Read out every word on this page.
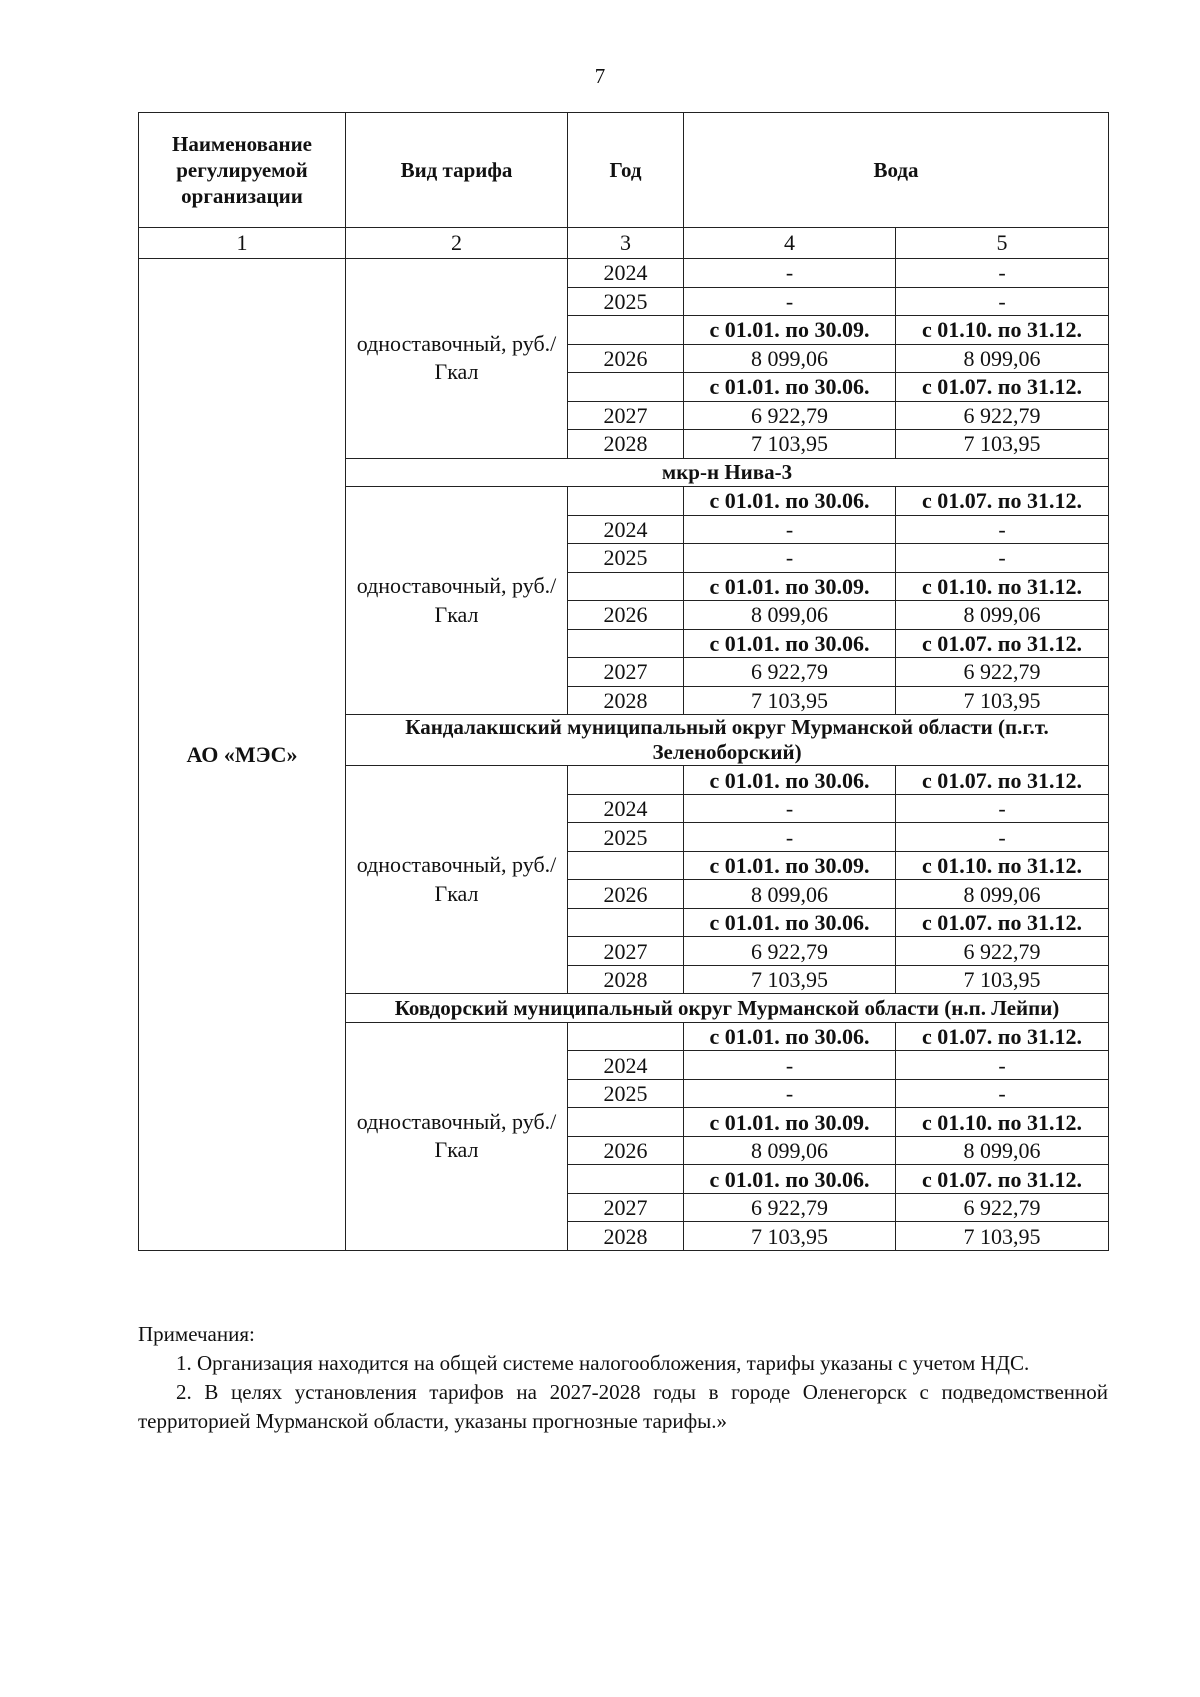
7
Наименование регулируемой организации	Вид тарифа	Год	Вода	
1	2	3	4	5
АО «МЭС»	одноставочный, руб./Гкал	2024	-	-
		2025	-	-
			с 01.01. по 30.09.	с 01.10. по 31.12.
		2026	8 099,06	8 099,06
			с 01.01. по 30.06.	с 01.07. по 31.12.
		2027	6 922,79	6 922,79
		2028	7 103,95	7 103,95
	мкр-н Нива-3			
	одноставочный, руб./Гкал		с 01.01. по 30.06.	с 01.07. по 31.12.
		2024	-	-
		2025	-	-
			с 01.01. по 30.09.	с 01.10. по 31.12.
		2026	8 099,06	8 099,06
			с 01.01. по 30.06.	с 01.07. по 31.12.
		2027	6 922,79	6 922,79
		2028	7 103,95	7 103,95
	Кандалакшский муниципальный округ Мурманской области (п.г.т. Зеленоборский)			
	одноставочный, руб./Гкал		с 01.01. по 30.06.	с 01.07. по 31.12.
		2024	-	-
		2025	-	-
			с 01.01. по 30.09.	с 01.10. по 31.12.
		2026	8 099,06	8 099,06
			с 01.01. по 30.06.	с 01.07. по 31.12.
		2027	6 922,79	6 922,79
		2028	7 103,95	7 103,95
	Ковдорский муниципальный округ Мурманской области (н.п. Лейпи)			
	одноставочный, руб./Гкал		с 01.01. по 30.06.	с 01.07. по 31.12.
		2024	-	-
		2025	-	-
			с 01.01. по 30.09.	с 01.10. по 31.12.
		2026	8 099,06	8 099,06
			с 01.01. по 30.06.	с 01.07. по 31.12.
		2027	6 922,79	6 922,79
		2028	7 103,95	7 103,95

Примечания:

1. Организация находится на общей системе налогообложения, тарифы указаны с учетом НДС.

2. В целях установления тарифов на 2027-2028 годы в городе Оленегорск с подведомственной территорией Мурманской области, указаны прогнозные тарифы.»
